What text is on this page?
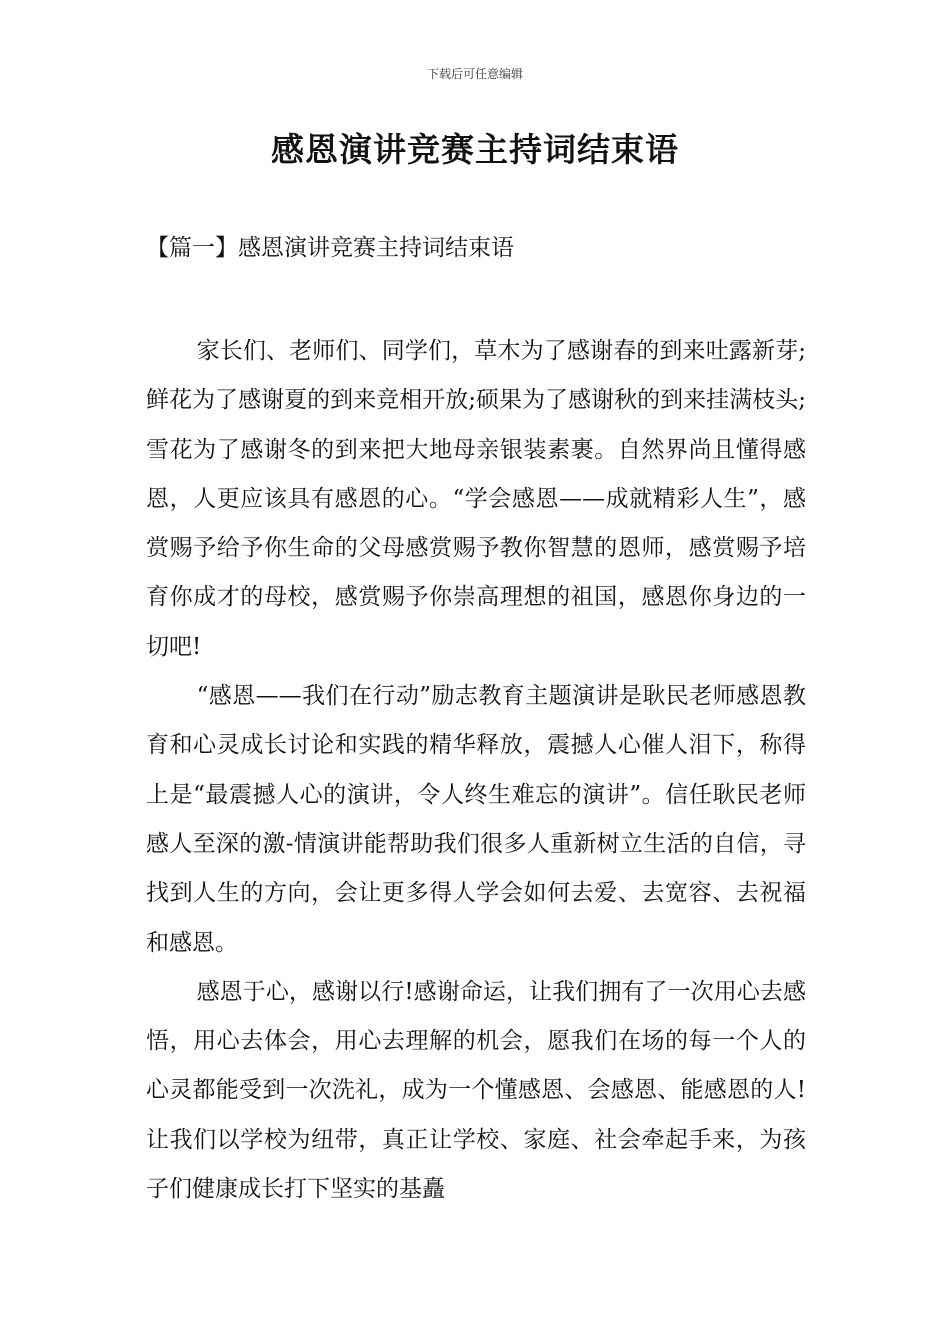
下载后可任意编辑
感恩演讲竞赛主持词结束语
【篇一】感恩演讲竞赛主持词结束语

家长们、老师们、同学们，草木为了感谢春的到来吐露新芽;鲜花为了感谢夏的到来竞相开放;硕果为了感谢秋的到来挂满枝头;雪花为了感谢冬的到来把大地母亲银装素裹。自然界尚且懂得感恩，人更应该具有感恩的心。“学会感恩——成就精彩人生”，感赏赐予给予你生命的父母感赏赐予教你智慧的恩师，感赏赐予培育你成才的母校，感赏赐予你崇高理想的祖国，感恩你身边的一切吧!

“感恩——我们在行动”励志教育主题演讲是耿民老师感恩教育和心灵成长讨论和实践的精华释放，震撼人心催人泪下，称得上是“最震撼人心的演讲，令人终生难忘的演讲”。信任耿民老师感人至深的激-情演讲能帮助我们很多人重新树立生活的自信，寻找到人生的方向，会让更多得人学会如何去爱、去宽容、去祝福和感恩。

感恩于心，感谢以行!感谢命运，让我们拥有了一次用心去感悟，用心去体会，用心去理解的机会，愿我们在场的每一个人的心灵都能受到一次洗礼，成为一个懂感恩、会感恩、能感恩的人!让我们以学校为纽带，真正让学校、家庭、社会牵起手来，为孩子们健康成长打下坚实的基矗
